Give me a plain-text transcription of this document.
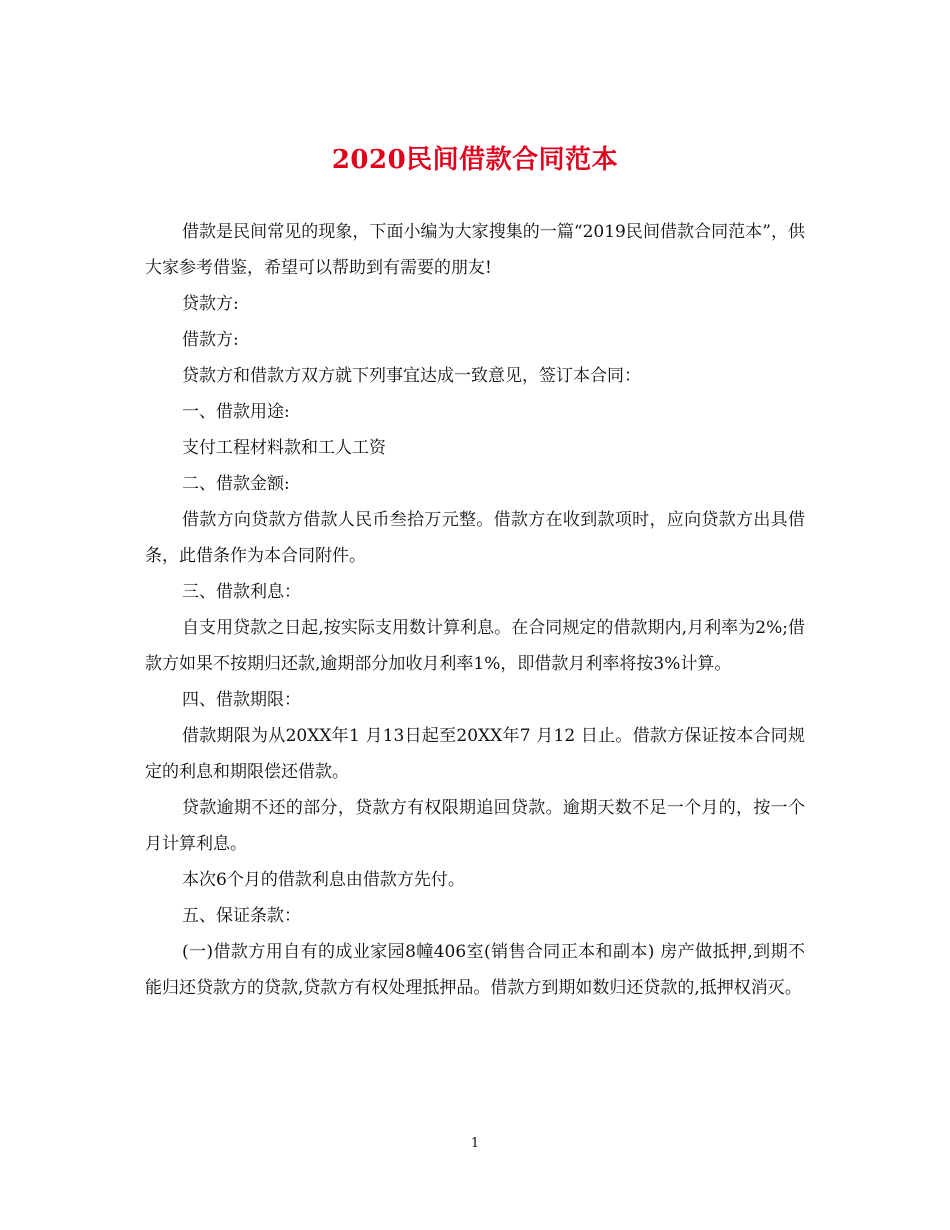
2020民间借款合同范本

借款是民间常见的现象，下面小编为大家搜集的一篇“2019民间借款合同范本”，供大家参考借鉴，希望可以帮助到有需要的朋友!

贷款方:

借款方:

贷款方和借款方双方就下列事宜达成一致意见，签订本合同：

一、借款用途:

支付工程材料款和工人工资

二、借款金额:

借款方向贷款方借款人民币叁拾万元整。借款方在收到款项时，应向贷款方出具借条，此借条作为本合同附件。

三、借款利息：

自支用贷款之日起,按实际支用数计算利息。在合同规定的借款期内,月利率为2%;借款方如果不按期归还款,逾期部分加收月利率1%，即借款月利率将按3%计算。

四、借款期限：

借款期限为从20XX年1 月13日起至20XX年7 月12 日止。借款方保证按本合同规定的利息和期限偿还借款。

贷款逾期不还的部分，贷款方有权限期追回贷款。逾期天数不足一个月的，按一个月计算利息。

本次6个月的借款利息由借款方先付。

五、保证条款：

(一)借款方用自有的成业家园8幢406室(销售合同正本和副本) 房产做抵押,到期不能归还贷款方的贷款,贷款方有权处理抵押品。借款方到期如数归还贷款的,抵押权消灭。

1
